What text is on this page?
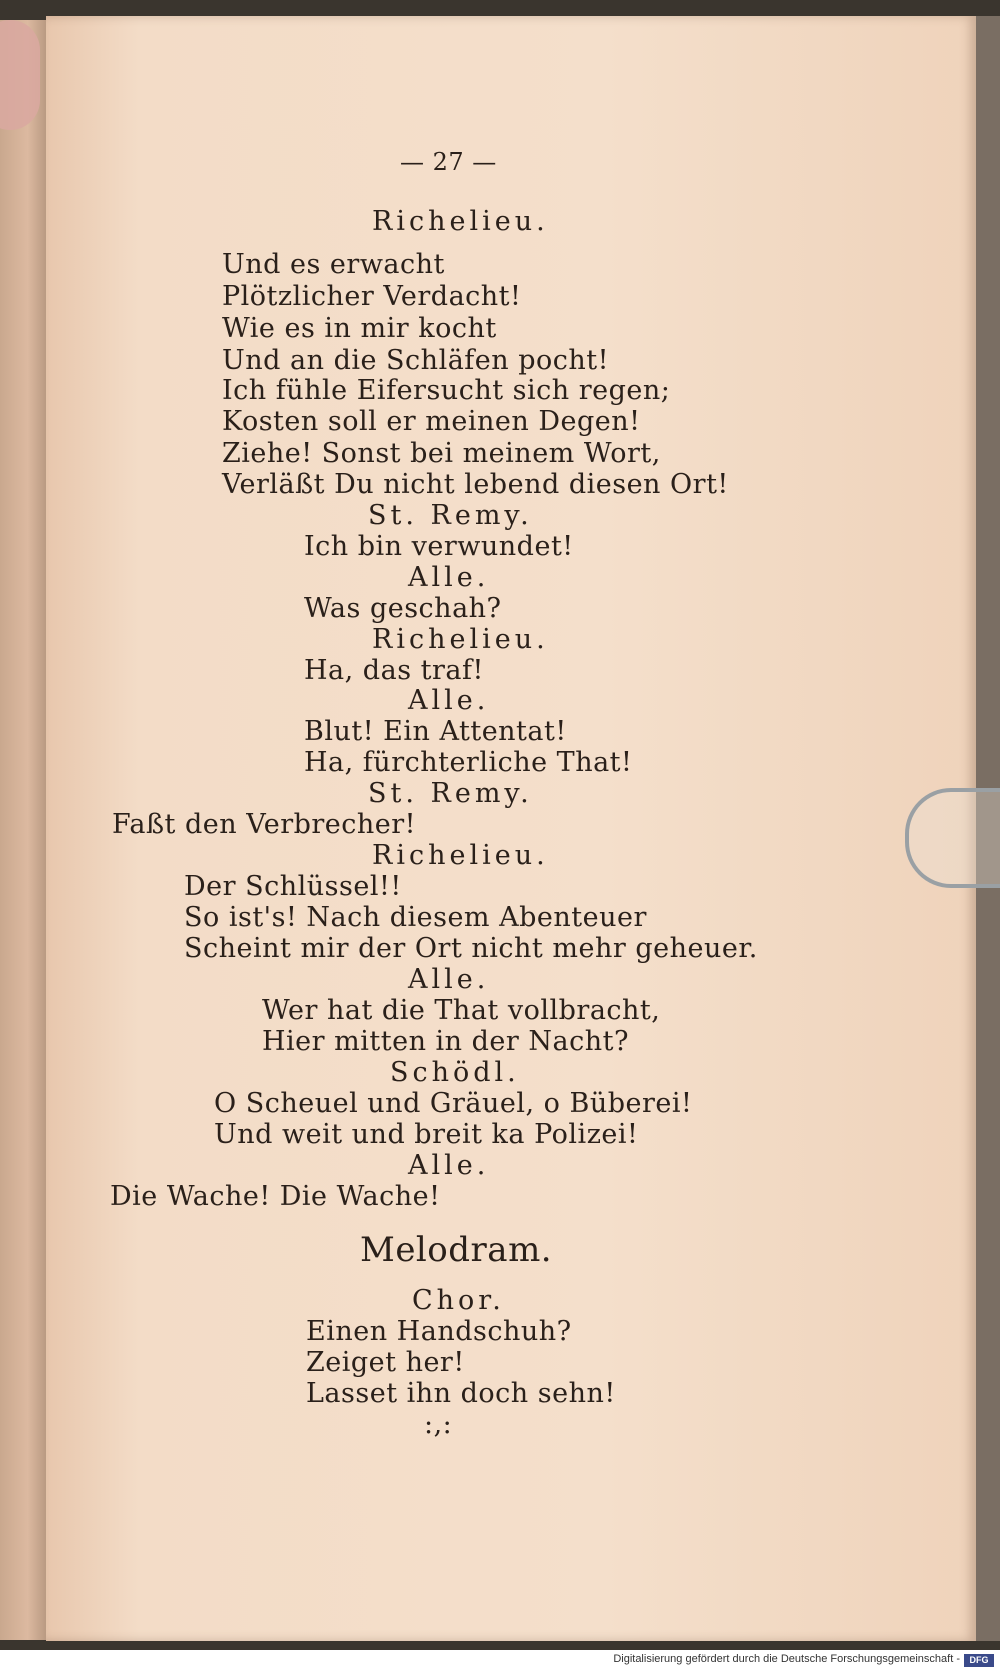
— 27 —
Richelieu.
Und es erwacht
Plötzlicher Verdacht!
Wie es in mir kocht
Und an die Schläfen pocht!
Ich fühle Eifersucht sich regen;
Kosten soll er meinen Degen!
Ziehe! Sonst bei meinem Wort,
Verläßt Du nicht lebend diesen Ort!
St. Remy.
Ich bin verwundet!
Alle.
Was geschah?
Richelieu.
Ha, das traf!
Alle.
Blut! Ein Attentat!
Ha, fürchterliche That!
St. Remy.
Faßt den Verbrecher!
Richelieu.
Der Schlüssel!!
So ist's! Nach diesem Abenteuer
Scheint mir der Ort nicht mehr geheuer.
Alle.
Wer hat die That vollbracht,
Hier mitten in der Nacht?
Schödl.
O Scheuel und Gräuel, o Büberei!
Und weit und breit ka Polizei!
Alle.
Die Wache! Die Wache!
Melodram.
Chor.
Einen Handschuh?
Zeiget her!
Lasset ihn doch sehn!
:,:
Digitalisierung gefördert durch die Deutsche Forschungsgemeinschaft -	DFG
